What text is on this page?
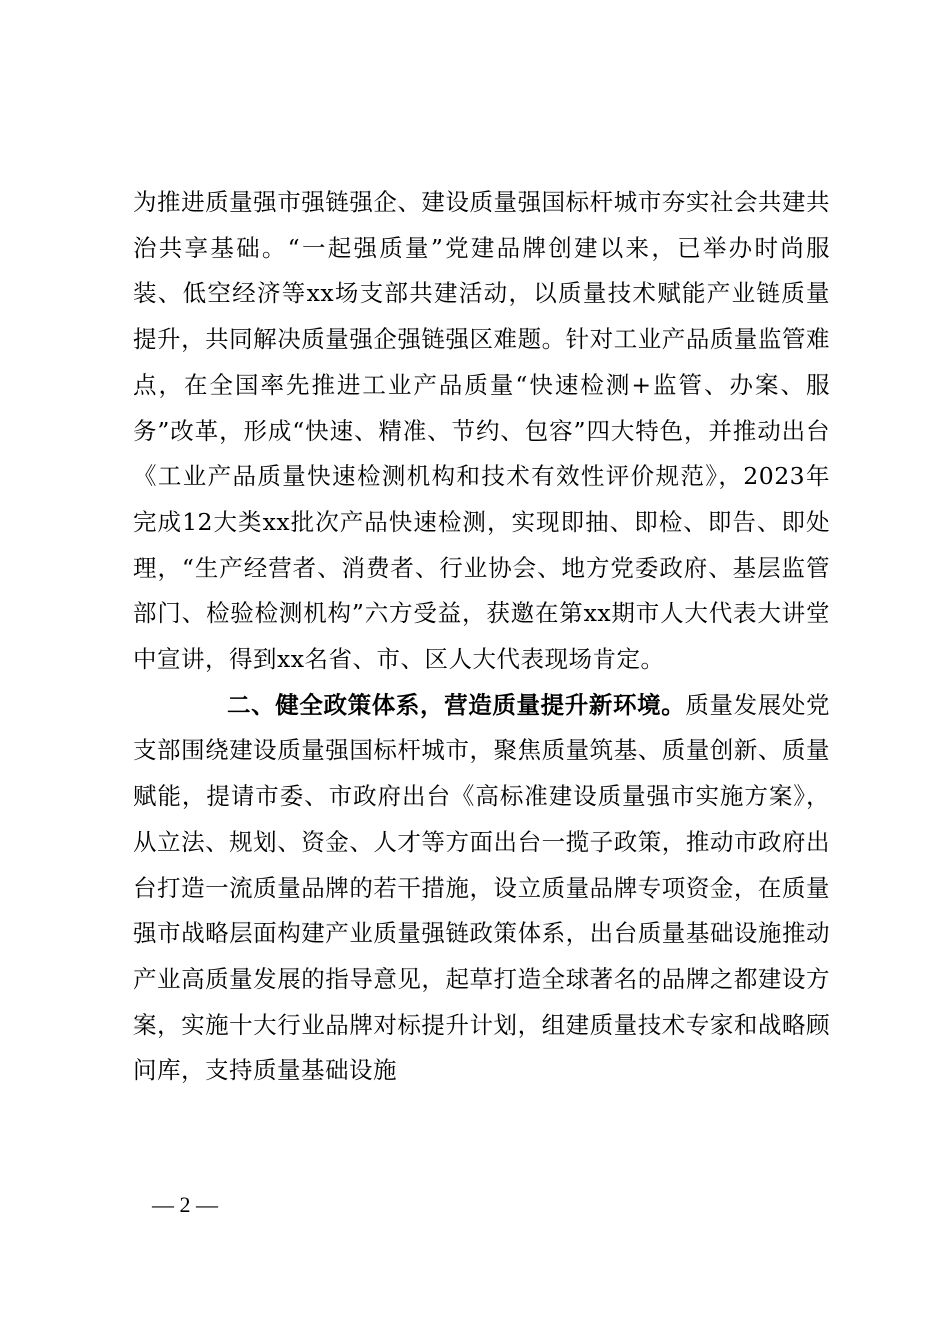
为推进质量强市强链强企、建设质量强国标杆城市夯实社会共建共治共享基础。“一起强质量”党建品牌创建以来，已举办时尚服装、低空经济等xx场支部共建活动，以质量技术赋能产业链质量提升，共同解决质量强企强链强区难题。针对工业产品质量监管难点，在全国率先推进工业产品质量“快速检测+监管、办案、服务”改革，形成“快速、精准、节约、包容”四大特色，并推动出台《工业产品质量快速检测机构和技术有效性评价规范》，2023年完成12大类xx批次产品快速检测，实现即抽、即检、即告、即处理，“生产经营者、消费者、行业协会、地方党委政府、基层监管部门、检验检测机构”六方受益，获邀在第xx期市人大代表大讲堂中宣讲，得到xx名省、市、区人大代表现场肯定。

二、健全政策体系，营造质量提升新环境。质量发展处党支部围绕建设质量强国标杆城市，聚焦质量筑基、质量创新、质量赋能，提请市委、市政府出台《高标准建设质量强市实施方案》，从立法、规划、资金、人才等方面出台一揽子政策，推动市政府出台打造一流质量品牌的若干措施，设立质量品牌专项资金，在质量强市战略层面构建产业质量强链政策体系，出台质量基础设施推动产业高质量发展的指导意见，起草打造全球著名的品牌之都建设方案，实施十大行业品牌对标提升计划，组建质量技术专家和战略顾问库，支持质量基础设施

— 2 —
